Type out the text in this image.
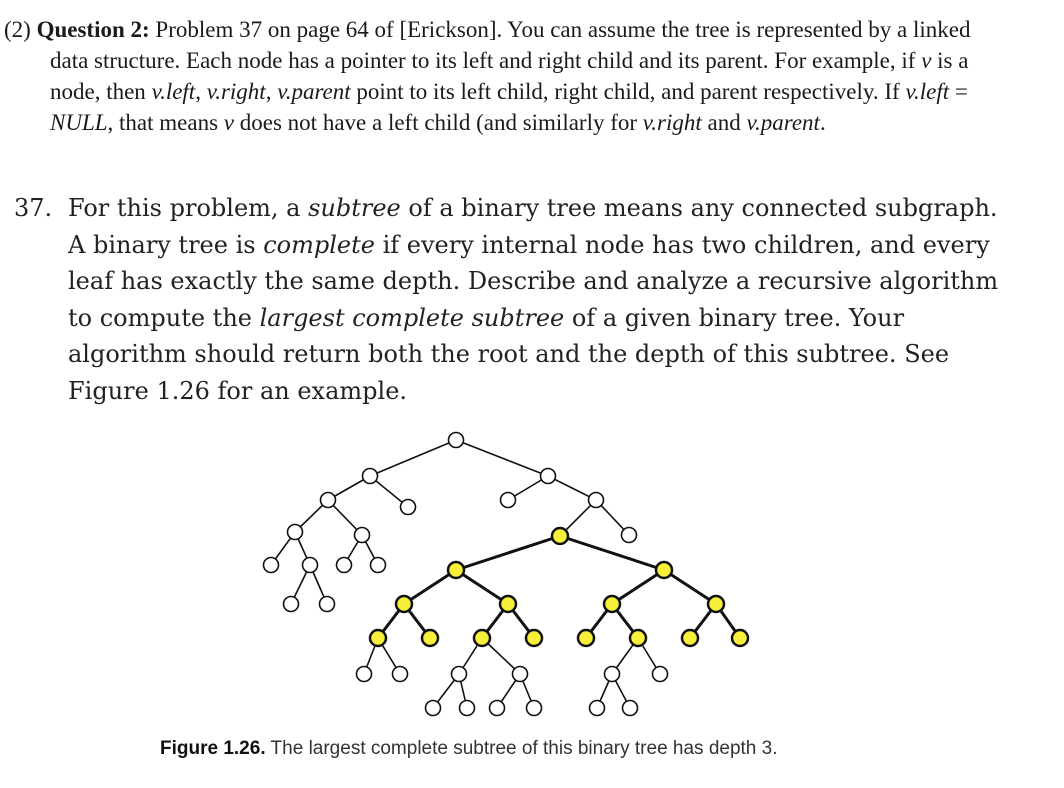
(2) Question 2: Problem 37 on page 64 of [Erickson]. You can assume the tree is represented by a linked data structure. Each node has a pointer to its left and right child and its parent. For example, if v is a node, then v.left, v.right, v.parent point to its left child, right child, and parent respectively. If v.left = NULL, that means v does not have a left child (and similarly for v.right and v.parent.

37. For this problem, a subtree of a binary tree means any connected subgraph. A binary tree is complete if every internal node has two children, and every leaf has exactly the same depth. Describe and analyze a recursive algorithm to compute the largest complete subtree of a given binary tree. Your algorithm should return both the root and the depth of this subtree. See Figure 1.26 for an example.
Figure 1.26. The largest complete subtree of this binary tree has depth 3.
